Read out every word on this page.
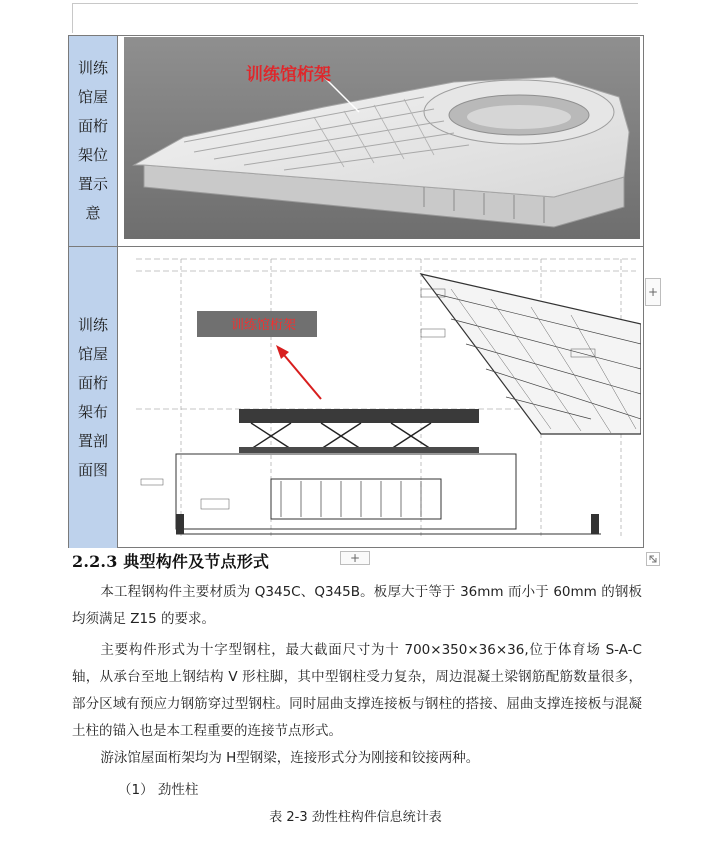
训练馆屋面桁架位置示意
训练馆屋面桁架布置剖面图
训练馆桁架
训练馆桁架
+
+
2.2.3 典型构件及节点形式

本工程钢构件主要材质为 Q345C、Q345B。板厚大于等于 36mm 而小于 60mm 的钢板均须满足 Z15 的要求。

主要构件形式为十字型钢柱，最大截面尺寸为十 700×350×36×36,位于体育场 S-A-C 轴，从承台至地上钢结构 V 形柱脚，其中型钢柱受力复杂，周边混凝土梁钢筋配筋数量很多，部分区域有预应力钢筋穿过型钢柱。同时屈曲支撑连接板与钢柱的搭接、屈曲支撑连接板与混凝土柱的锚入也是本工程重要的连接节点形式。

游泳馆屋面桁架均为 H型钢梁，连接形式分为刚接和铰接两种。

（1） 劲性柱
表 2-3 劲性柱构件信息统计表
